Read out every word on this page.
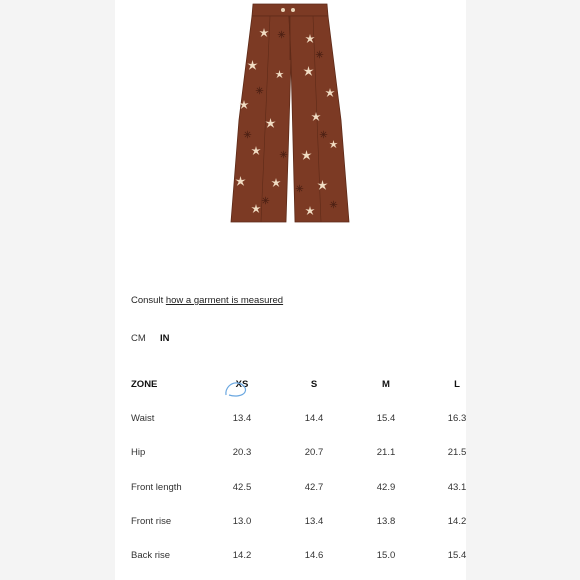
Consult how a garment is measured
CM IN
ZONE	XS	S	M	L
Waist	13.4	14.4	15.4	16.3
Hip	20.3	20.7	21.1	21.5
Front length	42.5	42.7	42.9	43.1
Front rise	13.0	13.4	13.8	14.2
Back rise	14.2	14.6	15.0	15.4
